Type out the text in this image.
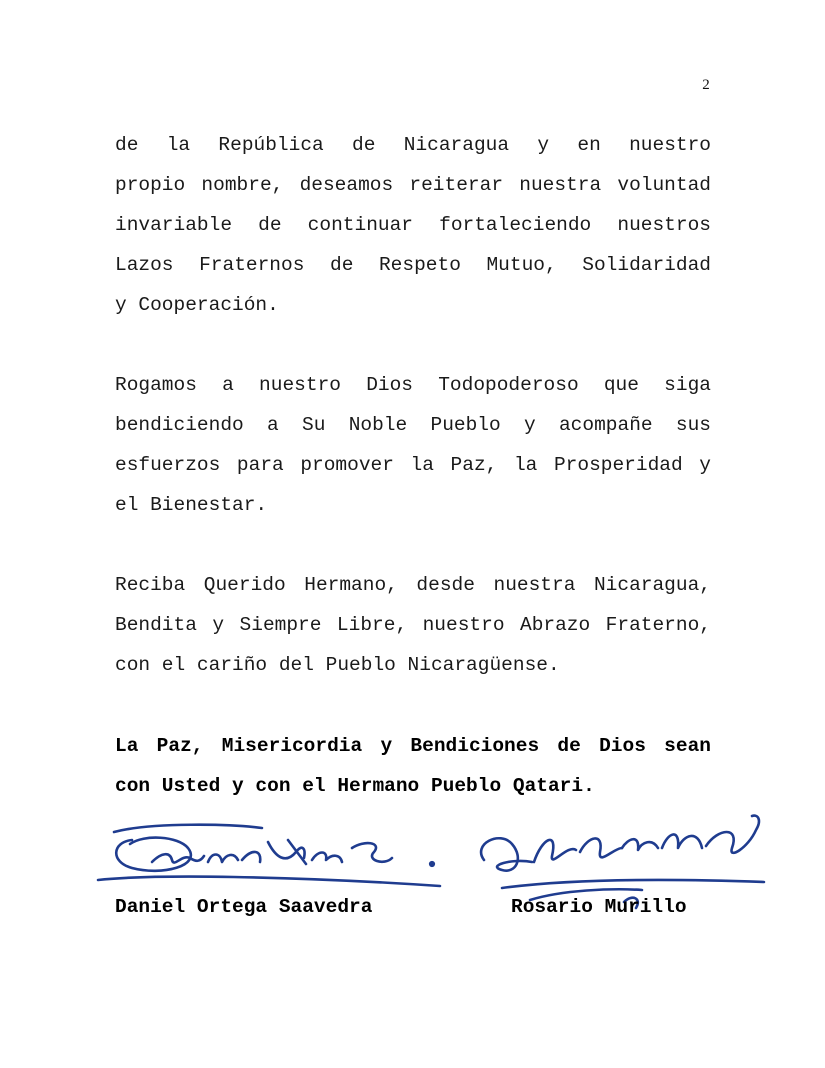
2
de la República de Nicaragua y en nuestro
propio nombre, deseamos reiterar nuestra voluntad
invariable de continuar fortaleciendo nuestros
Lazos Fraternos de Respeto Mutuo, Solidaridad
y Cooperación.
Rogamos a nuestro Dios Todopoderoso que siga
bendiciendo a Su Noble Pueblo y acompañe sus
esfuerzos para promover la Paz, la Prosperidad y
el Bienestar.
Reciba Querido Hermano, desde nuestra Nicaragua,
Bendita y Siempre Libre, nuestro Abrazo Fraterno,
con el cariño del Pueblo Nicaragüense.
La Paz, Misericordia y Bendiciones de Dios sean
con Usted y con el Hermano Pueblo Qatari.
Daniel Ortega Saavedra	Rosario Murillo
